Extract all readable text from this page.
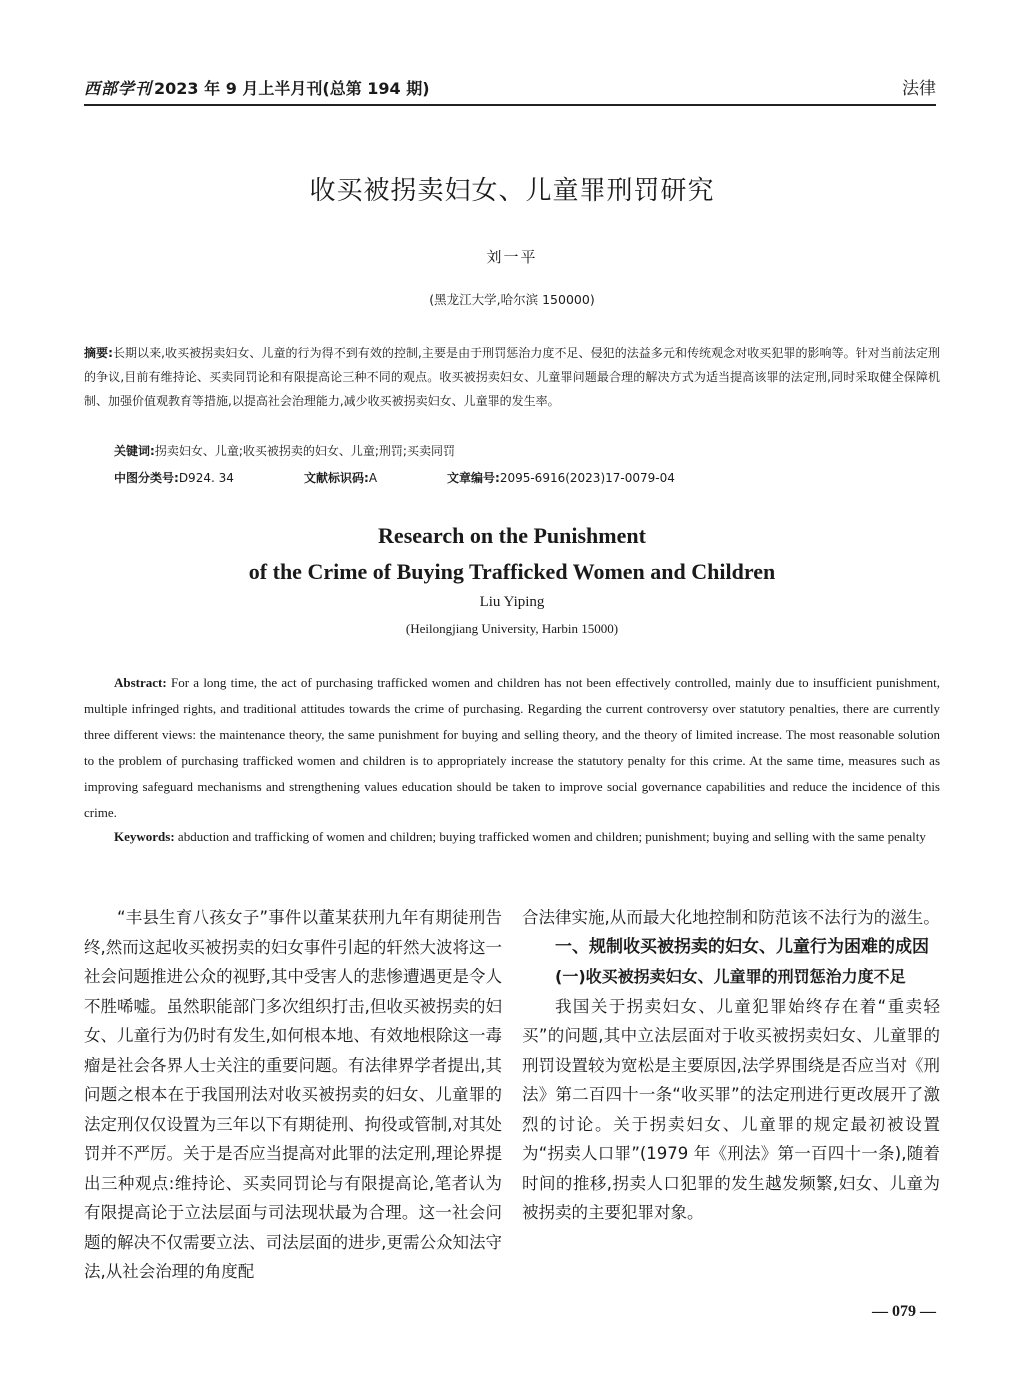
西部学刊 2023 年 9 月上半月刊(总第 194 期)	法律
收买被拐卖妇女、儿童罪刑罚研究
刘一平
(黑龙江大学,哈尔滨 150000)
摘要:长期以来,收买被拐卖妇女、儿童的行为得不到有效的控制,主要是由于刑罚惩治力度不足、侵犯的法益多元和传统观念对收买犯罪的影响等。针对当前法定刑的争议,目前有维持论、买卖同罚论和有限提高论三种不同的观点。收买被拐卖妇女、儿童罪问题最合理的解决方式为适当提高该罪的法定刑,同时采取健全保障机制、加强价值观教育等措施,以提高社会治理能力,减少收买被拐卖妇女、儿童罪的发生率。
关键词:拐卖妇女、儿童;收买被拐卖的妇女、儿童;刑罚;买卖同罚
中图分类号:D924. 34	文献标识码:A	文章编号:2095-6916(2023)17-0079-04
Research on the Punishment
of the Crime of Buying Trafficked Women and Children
Liu Yiping
(Heilongjiang University, Harbin 15000)
Abstract: For a long time, the act of purchasing trafficked women and children has not been effectively controlled, mainly due to insufficient punishment, multiple infringed rights, and traditional attitudes towards the crime of purchasing. Regarding the current controversy over statutory penalties, there are currently three different views: the maintenance theory, the same punishment for buying and selling theory, and the theory of limited increase. The most reasonable solution to the problem of purchasing trafficked women and children is to appropriately increase the statutory penalty for this crime. At the same time, measures such as improving safeguard mechanisms and strengthening values education should be taken to improve social governance capabilities and reduce the incidence of this crime.
Keywords: abduction and trafficking of women and children; buying trafficked women and children; punishment; buying and selling with the same penalty

“丰县生育八孩女子”事件以董某获刑九年有期徒刑告终,然而这起收买被拐卖的妇女事件引起的轩然大波将这一社会问题推进公众的视野,其中受害人的悲惨遭遇更是令人不胜唏嘘。虽然职能部门多次组织打击,但收买被拐卖的妇女、儿童行为仍时有发生,如何根本地、有效地根除这一毒瘤是社会各界人士关注的重要问题。有法律界学者提出,其问题之根本在于我国刑法对收买被拐卖的妇女、儿童罪的法定刑仅仅设置为三年以下有期徒刑、拘役或管制,对其处罚并不严厉。关于是否应当提高对此罪的法定刑,理论界提出三种观点:维持论、买卖同罚论与有限提高论,笔者认为有限提高论于立法层面与司法现状最为合理。这一社会问题的解决不仅需要立法、司法层面的进步,更需公众知法守法,从社会治理的角度配

合法律实施,从而最大化地控制和防范该不法行为的滋生。

一、规制收买被拐卖的妇女、儿童行为困难的成因

(一)收买被拐卖妇女、儿童罪的刑罚惩治力度不足

我国关于拐卖妇女、儿童犯罪始终存在着“重卖轻买”的问题,其中立法层面对于收买被拐卖妇女、儿童罪的刑罚设置较为宽松是主要原因,法学界围绕是否应当对《刑法》第二百四十一条“收买罪”的法定刑进行更改展开了激烈的讨论。关于拐卖妇女、儿童罪的规定最初被设置为“拐卖人口罪”(1979 年《刑法》第一百四十一条),随着时间的推移,拐卖人口犯罪的发生越发频繁,妇女、儿童为被拐卖的主要犯罪对象。

— 079 —
